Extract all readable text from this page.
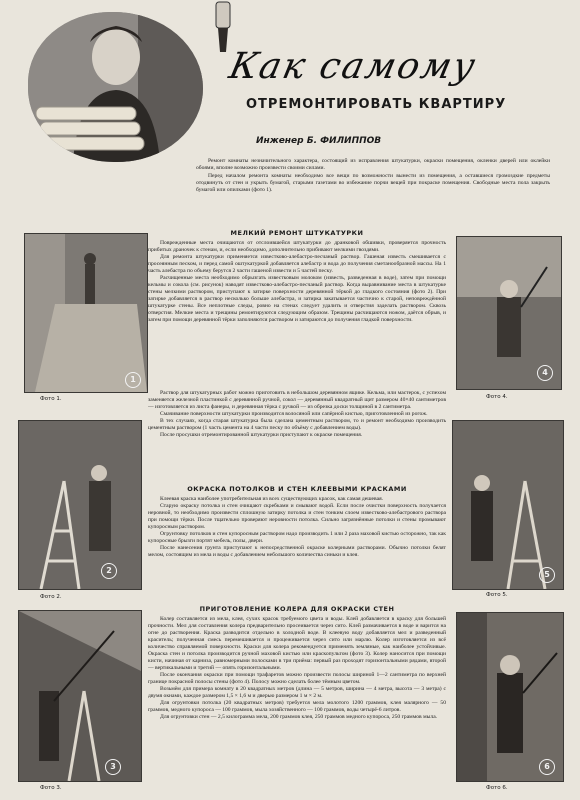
Как самому
ОТРЕМОНТИРОВАТЬ КВАРТИРУ
Инженер Б. ФИЛИППОВ

Ремонт комнаты незначительного характера, состоящий из исправления штукатурки, окраски помещения, окленки дверей или оклейки обоями, вполне возможно произвести своими силами.

Перед началом ремонта комнаты необходимо все вещи по возможности вынести из помещения, а оставшиеся громоздкие предметы отодвинуть от стен и укрыть бумагой, старыми газетами во избежание порчи вещей при покраске помещения. Свободные места пола закрыть бумагой или опилками (фото 1).

МЕЛКИЙ РЕМОНТ ШТУКАТУРКИ

Поврежденные места очищаются от отслоившейся штукатурки до дранковой обшивки, проверяется прочность прибитых драночек к стенам, и, если необходимо, дополнительно прибивают мелкими гвоздями.

Для ремонта штукатурки применяется известково-алебастро-песчаный раствор. Гашеная известь смешивается с просеянным песком, и перед самой оштукатуркой добавляется алебастр и вода до получения сметанообразной массы. На 1 часть алебастра по объему берутся 2 части гашеной извести и 5 частей песку.

Расчищенные места необходимо обрызгать известковым молоком (известь, разведенная в воде), затем при помощи кельмы и сокола (см. рисунок) наводят известково-алебастро-песчаный раствор. Когда выравнивание места в штукатурке стены мелкими раствором, приступают к затирке поверхности деревянной тёркой до гладкого состояния (фото 2). При затирке добавляется в раствор несколько больше алебастра, и затирка закатывается частично к старой, неповреждённой штукатурке стены. Все неплотные следы, ровно на стенах следует удалить и отверстия заделать раствором. Сквозь отверстия. Мелкие места и трещины ремонтируются следующим образом. Трещины расчищаются ножом, даётся обрыв, и затем при помощи деревянной тёрки заполняются раствором и затираются до получения гладкой поверхности.

Раствор для штукатурных работ можно приготовить в небольшом деревянном ящике. Кельма, или мастерок, с успехом заменяется железной пластинкой с деревянной ручной, сокол — деревянный квадратный щит размером 40×40 сантиметров — изготовляется из листа фанеры, и деревянная тёрка с ручкой — из обрезка доски толщиной в 2 сантиметра.

Смачивание поверхности штукатурки производится волосяной или сапёрной кистью, приготовленной из рогож.

В тех случаях, когда старая штукатурка была сделана цементным раствором, то и ремонт необходимо производить цементным раствором (1 часть цемента на 4 части песку по объёму с добавлением воды).

После просушки отремонтированной штукатурки приступают к окраске помещения.

ОКРАСКА ПОТОЛКОВ И СТЕН КЛЕЕВЫМИ КРАСКАМИ

Клеевая краска наиболее употребительная из всех существующих красок, как самая дешевая.

Старую окраску потолка и стен очищают скребками и смывают водой. Если после очистки поверхность получается неровной, то необходимо произвести сплошную затирку потолка и стен тонким слоем известково-алебастрового раствора при помощи тёрки. После тщательно проверяют неровности потолка. Сильно загрязнённые потолки и стены промывают купоросным раствором.

Огрунтовку потолков и стен купоросным раствором надо производить 1 или 2 раза маховой кистью осторожно, так как купоросные брызги портят мебель, полы, двери.

После нанесения грунта приступают к непосредственной окраске колерными растворами. Обычно потолки белят мелом, состоящим из мела и воды с добавлением небольшого количества синьки и клея.

ПРИГОТОВЛЕНИЕ КОЛЕРА ДЛЯ ОКРАСКИ СТЕН

Колер составляется из мела, клея, сухих красок требуемого цвета и воды. Клей добавляется в краску для большей прочности. Мел для составления колера предварительно просеивается через сито. Клей размачивается в воде и варится на огне до растворения. Краска разводится отдельно в холодной воде. В клеевую воду добавляется мел и разведенный краситель; полученная смесь перемешивается и процеживается через сито или марлю. Колер изготовляется из всё количество справляемой поверхности. Краски для колера рекомендуется применять земляные, как наиболее устойчивые. Окраска стен и потолка производится ручной маховой кистью или краскопультом (фото 3). Колер наносится при помощи кисти, начиная от карниза, равномерными полосками в три приёма: первый раз проходят горизонтальными рядами, второй — вертикальными и третий — опять горизонтальными.

После окончания окраски при помощи трафаретов можно произвести полосы шириной 1—2 сантиметра по верхней границе покрасной полосы стены (фото 4). Полосу можно сделать более тёмным цветом.

Возьмём для примера комнату в 20 квадратных метров (длина — 5 метров, ширина — 4 метра, высота — 3 метра) с двумя окнами, каждое размером 1,5 × 1,6 м и дверью размером 1 м × 2 м.

Для огрунтовки потолка (20 квадратных метров) требуется мела молотого 1200 граммов, клея малярного — 50 граммов, медного купороса — 100 граммов, мыла хозяйственного — 100 граммов, воды четырё-6 литров.

Для огрунтовки стен — 2,5 килограмма мела, 200 граммов клея, 250 граммов медного купороса, 250 граммов мыла.

1
Фото 1.
2
Фото 2.
3
Фото 3.
4
Фото 4.
5
Фото 5.
6
Фото 6.
